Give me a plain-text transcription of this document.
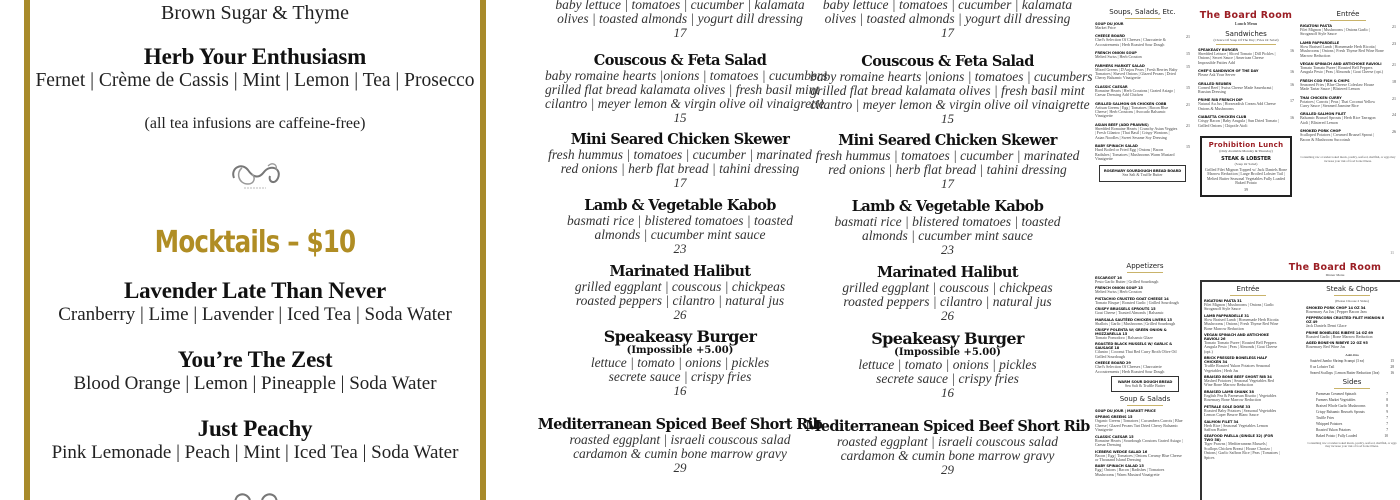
Brown Sugar & Thyme
Herb Your Enthusiasm
Fernet | Crème de Cassis | Mint | Lemon | Tea | Prosecco
(all tea infusions are caffeine-free)
Mocktails – $10
Lavender Late Than Never
Cranberry | Lime | Lavender | Iced Tea | Soda Water
You’re The Zest
Blood Orange | Lemon | Pineapple | Soda Water
Just Peachy
Pink Lemonade | Peach | Mint | Iced Tea | Soda Water
baby lettuce | tomatoes | cucumber | kalamata
olives | toasted almonds | yogurt dill dressing
17
Couscous & Feta Salad
baby romaine hearts |onions | tomatoes | cucumbers
grilled flat bread kalamata olives | fresh basil mint
cilantro | meyer lemon & virgin olive oil vinaigrette
15
Mini Seared Chicken Skewer
fresh hummus | tomatoes | cucumber | marinated
red onions | herb flat bread | tahini dressing
17
Lamb & Vegetable Kabob
basmati rice | blistered tomatoes | toasted
almonds | cucumber mint sauce
23
Marinated Halibut
grilled eggplant | couscous | chickpeas
roasted peppers | cilantro | natural jus
26
Speakeasy Burger
(Impossible +5.00)
lettuce | tomato | onions | pickles
secrete sauce | crispy fries
16
Mediterranean Spiced Beef Short Rib
roasted eggplant | israeli couscous salad
cardamon & cumin bone marrow gravy
29
baby lettuce | tomatoes | cucumber | kalamata
olives | toasted almonds | yogurt dill dressing
17
Couscous & Feta Salad
baby romaine hearts |onions | tomatoes | cucumbers
grilled flat bread kalamata olives | fresh basil mint
cilantro | meyer lemon & virgin olive oil vinaigrette
15
Mini Seared Chicken Skewer
fresh hummus | tomatoes | cucumber | marinated
red onions | herb flat bread | tahini dressing
17
Lamb & Vegetable Kabob
basmati rice | blistered tomatoes | toasted
almonds | cucumber mint sauce
23
Marinated Halibut
grilled eggplant | couscous | chickpeas
roasted peppers | cilantro | natural jus
26
Speakeasy Burger
(Impossible +5.00)
lettuce | tomato | onions | pickles
secrete sauce | crispy fries
16
Mediterranean Spiced Beef Short Rib
roasted eggplant | israeli couscous salad
cardamon & cumin bone marrow gravy
29
Soups, Salads, Etc.
SOUP DU JOUR
Market Price
CHEESE BOARD
Chef's Selection Of Cheeses | Charcuterie & Accoutrements | Herb Roasted Sour Dough
21
FRENCH ONION SOUP
Melted Swiss | Herb Crouton
15
FARMERS MARKET SALAD
Mixed Greens | D'Anjou Pears | Fresh Berries Baby Tomatoes | Shaved Onions | Glazed Pecans | Dried Cherry Balsamic Vinaigrette
15
CLASSIC CAESAR
Romaine Hearts | Herb Croutons | Grated Asiago | Caesar Dressing Add Chicken
15
GRILLED SALMON OR CHICKEN COBB
Artisan Greens | Egg | Tomatoes | Bacon Blue Cheese | Herb Croutons | Avocado Balsamic Vinaigrette
21
ASIAN BEEF (ADD PRAWNS)
Shredded Romaine Hearts | Crunchy Asian Veggies | Fresh Cilantro | Thai Basil | Crispy Wontons | Asian Noodles | Sweet Sesame Soy Dressing
21
BABY SPINACH SALAD
Hard Boiled or Fried Egg | Onions | Bacon Radishes | Tomatoes | Mushrooms Warm Mustard Vinaigrette
15
ROSEMARY SOURDOUGH BREAD BOARD
Sea Salt & Truffle Butter
The Board Room
Lunch Menu
Sandwiches
(Choice Of Soup Of The Day | Fries Or Salad)
SPEAKEASY BURGER
Shredded Lettuce | Sliced Tomato | Dill Pickles | Onions | Secret Sauce | American Cheese Impossible Patties Add
16
CHEF'S SANDWICH OF THE DAY
Please Ask Your Server
16
GRILLED REUBEN
Corned Beef | Swiss Cheese Made Sauerkraut | Russian Dressing
16
PRIME RIB FRENCH DIP
Natural Au Jus | Horseradish Cream Add Cheese Onions & Mushrooms
17
CIABATTA CHICKEN CLUB
Crispy Bacon | Baby Arugula | Sun Dried Tomato | Grilled Onions | Chipotle Aioli
16
Prohibition Lunch
(Only Available Monday & Thursday)
STEAK & LOBSTER
(Soup Or Salad)
Grilled Filet Mignon Topped w/ Jack Daniels Bone Marrow Reduction | Large Broiled Lobster Tail | Melted Butter Seasonal Vegetables Fully Loaded Baked Potato
39
Entrée
RIGATONI PASTA
Filet Mignon | Mushrooms | Onions Garlic | Stroganoff Style Sauce
21
LAMB PAPPARDELLE
Slow Braised Lamb | Homemade Herb Ricotta | Mushrooms | Onions | Fresh Thyme Red Wine Bone Marrow Reduction
23
VEGAN SPINACH AND ARTICHOKE RAVIOLI
Tomato Tomato Puree | Roasted Bell Peppers Arugula Pesto | Peas | Almonds | Goat Cheese (opt.)
21
FRESH COD FISH & CHIPS
Seasoned Fries | Blue Cheese Coleslaw House Made Tartar Sauce | Blistered Lemon
18
THAI CHICKEN CURRY
Potatoes | Carrots | Peas | Thai Coconut Yellow Curry Sauce | Steamed Jasmine Rice
21
GRILLED SALMON FILET
Balsamic Brussel Sprouts | Herb Rice Tarragon Aioli | Blistered Lemon
24
SMOKED PORK CHOP
Scalloped Potatoes | Creamed Brussel Sprout | Bacon & Mushroom Succotash
26
Consuming raw or undercooked meats, poultry, seafood, shellfish, or eggs may increase your risk of food borne illness.
11
Appetizers
ESCARGOT 16
Pesto Garlic Butter | Grilled Sourdough
FRENCH ONION SOUP 15
Melted Swiss | Herb Crouton
PISTACHIO CRUSTED GOAT CHEESE 14
Tomato Bisque | Roasted Garlic | Grilled Sourdough
CRISPY BRUSSELS SPROUTS 15
Goat Cheese | Toasted Almonds | Balsamic
MARSALA SAUTÉED CHICKEN LIVERS 15
Shallots | Garlic | Mushrooms | Grilled Sourdough
CRISPY POLENTA W/ GREEN ONION & MOZZARELLA 15
Tomato Pomodoro | Balsamic Glaze
ROASTED BLACK MUSSELS W/ GARLIC & SAUSAGE 18
Cilantro | Coconut Thai Red Curry Broth Olive Oil Grilled Sourdough
CHEESE BOARD 29
Chef's Selection Of Cheeses | Charcuterie Accoutrements | Herb Roasted Sour Dough
WARM SOUR DOUGH BREAD
Sea Salt & Truffle Butter
Soup & Salads
SOUP DU JOUR | MARKET PRICE
SPRING GREENS 15
Organic Greens | Tomatoes | Cucumbers Carrots | Blue Cheese | Glazed Pecans Tart Dried Cherry Balsamic Vinaigrette
CLASSIC CAESAR 15
Romaine Hearts | Sourdough Croutons Grated Asiago | Caesar Dressing
ICEBERG WEDGE SALAD 16
Bacon | Egg | Tomatoes | Onions Creamy Blue Cheese or Thousand Island Dressing
BABY SPINACH SALAD 15
Egg | Onions | Bacon | Radishes | Tomatoes Mushrooms | Warm Mustard Vinaigrette
The Board Room
Dinner Menu
Entrée
RIGATONI PASTA 31
Filet Mignon | Mushrooms | Onions | Garlic Stroganoff Style Sauce
LAMB PAPPARDELLE 31
Slow Braised Lamb | Homemade Herb Ricotta Mushrooms | Onions | Fresh Thyme Red Wine Bone Marrow Reduction
VEGAN SPINACH AND ARTICHOKE RAVIOLI 26
Tomato Tomato Puree | Roasted Bell Peppers Arugula Pesto | Peas | Almonds | Goat Cheese (opt.)
BRICK PRESSED BONELESS HALF CHICKEN 34
Truffle Roasted Yukon Potatoes Seasonal Vegetables | Herb Jus
BRAISED BONE BEEF SHORT RIB 34
Mashed Potatoes | Seasonal Vegetables Red Wine Bone Marrow Reduction
BRAISED LAMB SHANK 38
English Pea & Parmesan Risotto | Vegetables Rosemary Bone Marrow Reduction
PETRALE SOLE DORE 33
Roasted Baby Potatoes | Seasonal Vegetables Lemon Caper Beurre Blanc Sauce
SALMON FILET 34
Herb Rice | Seasonal Vegetables Lemon Saffron Butter
SEAFOOD PAELLA (SINGLE 32) (FOR TWO 58)
Tiger Prawns | Mediterranean Mussels | Scallops Chicken Breast | House Chorizo | Onions | Garlic Saffron Rice | Peas | Tomatoes | Spices
Steak & Chops
(Please Choose 2 Sides)
SMOKED PORK CHOP 14 OZ 34
Rosemary Au Jus | Pepper Bacon Jam
PEPPERCORN CRUSTED FILET MIGNON 8 OZ 49
Jack Daniels Demi Glace
PRIME BONELESS RIBEYE 14 OZ 69
Roasted Garlic | Bone Marrow Reduction
AGED BONE-IN RIBEYE 22 OZ 95
Rosemary Red Wine Jus
Add-Ons
Sautéed Jumbo Shrimp Scampi (3 ea)	15
8 oz Lobster Tail	28
Seared Scallops | Lemon Butter Reduction (3ea)	16
Sides
Parmesan Creamed Spinach	7
Farmers Market Vegetables	8
Braised Whole Garlic Mushrooms	8
Crispy Balsamic Brussels Sprouts	9
Truffle Fries	7
Whipped Potatoes	7
Roasted Yukon Potatoes	7
Baked Potato | Fully Loaded	10
Consuming raw or undercooked meats, poultry, seafood, shellfish, or eggs may increase your risk of food borne illness.
